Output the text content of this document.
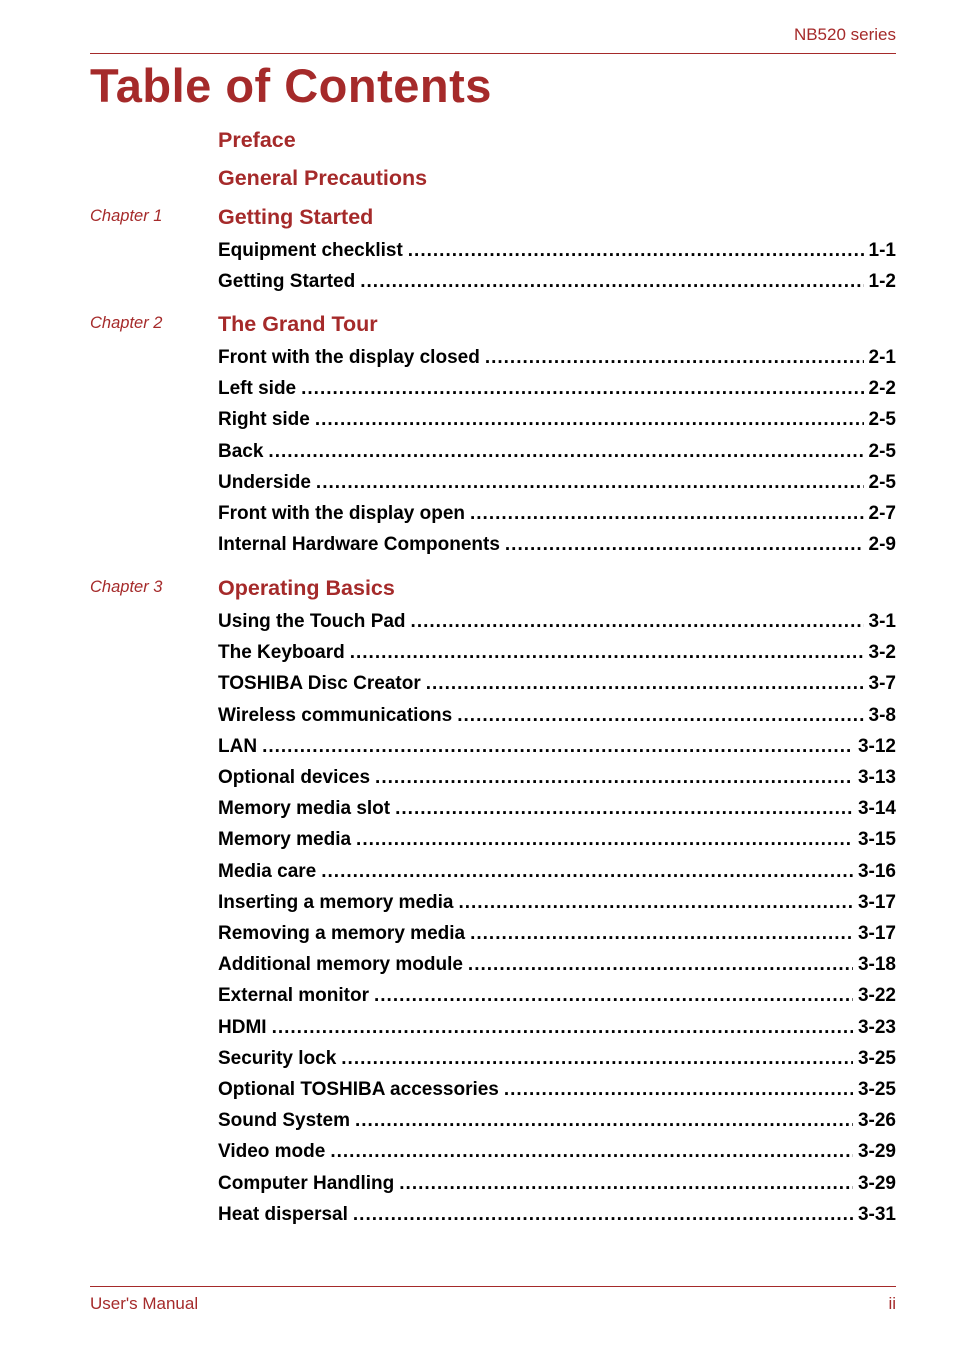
NB520 series
Table of Contents
Preface
General Precautions
Chapter 1	Getting Started
Equipment checklist .....	1-1
Getting Started .....	1-2
Chapter 2	The Grand Tour
Front with the display closed .....	2-1
Left side .....	2-2
Right side .....	2-5
Back .....	2-5
Underside .....	2-5
Front with the display open .....	2-7
Internal Hardware Components .....	2-9
Chapter 3	Operating Basics
Using the Touch Pad .....	3-1
The Keyboard .....	3-2
TOSHIBA Disc Creator .....	3-7
Wireless communications .....	3-8
LAN .....	3-12
Optional devices .....	3-13
Memory media slot .....	3-14
Memory media .....	3-15
Media care .....	3-16
Inserting a memory media .....	3-17
Removing a memory media .....	3-17
Additional memory module .....	3-18
External monitor .....	3-22
HDMI .....	3-23
Security lock .....	3-25
Optional TOSHIBA accessories .....	3-25
Sound System .....	3-26
Video mode .....	3-29
Computer Handling .....	3-29
Heat dispersal .....	3-31
User's Manual	ii
